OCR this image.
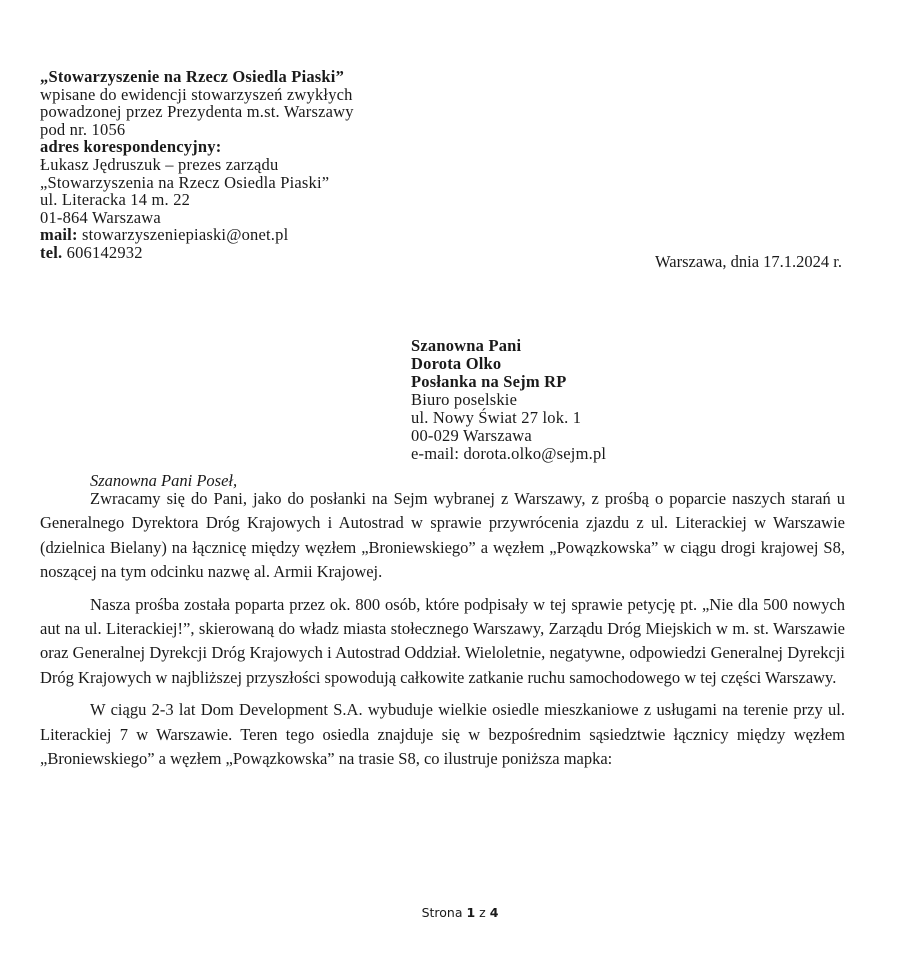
„Stowarzyszenie na Rzecz Osiedla Piaski”
wpisane do ewidencji stowarzyszeń zwykłych
powadzonej przez Prezydenta m.st. Warszawy
pod nr. 1056
adres korespondencyjny:
Łukasz Jędruszuk – prezes zarządu
„Stowarzyszenia na Rzecz Osiedla Piaski”
ul. Literacka 14 m. 22
01-864 Warszawa
mail: stowarzyszeniepiaski@onet.pl
tel. 606142932	Warszawa, dnia 17.1.2024 r.
Szanowna Pani
Dorota Olko
Posłanka na Sejm RP
Biuro poselskie
ul. Nowy Świat 27 lok. 1
00-029 Warszawa
e-mail: dorota.olko@sejm.pl
Szanowna Pani Poseł,

Zwracamy się do Pani, jako do posłanki na Sejm wybranej z Warszawy, z prośbą o poparcie naszych starań u Generalnego Dyrektora Dróg Krajowych i Autostrad w sprawie przywrócenia zjazdu z ul. Literackiej w Warszawie (dzielnica Bielany) na łącznicę między węzłem „Broniewskiego” a węzłem „Powązkowska” w ciągu drogi krajowej S8, noszącej na tym odcinku nazwę al. Armii Krajowej.

Nasza prośba została poparta przez ok. 800 osób, które podpisały w tej sprawie petycję pt. „Nie dla 500 nowych aut na ul. Literackiej!”, skierowaną do władz miasta stołecznego Warszawy, Zarządu Dróg Miejskich w m. st. Warszawie oraz Generalnej Dyrekcji Dróg Krajowych i Autostrad Oddział. Wieloletnie, negatywne, odpowiedzi Generalnej Dyrekcji Dróg Krajowych w najbliższej przyszłości spowodują całkowite zatkanie ruchu samochodowego w tej części Warszawy.

W ciągu 2-3 lat Dom Development S.A. wybuduje wielkie osiedle mieszkaniowe z usługami na terenie przy ul. Literackiej 7 w Warszawie. Teren tego osiedla znajduje się w bezpośrednim sąsiedztwie łącznicy między węzłem „Broniewskiego” a węzłem „Powązkowska” na trasie S8, co ilustruje poniższa mapka:

Strona 1 z 4
